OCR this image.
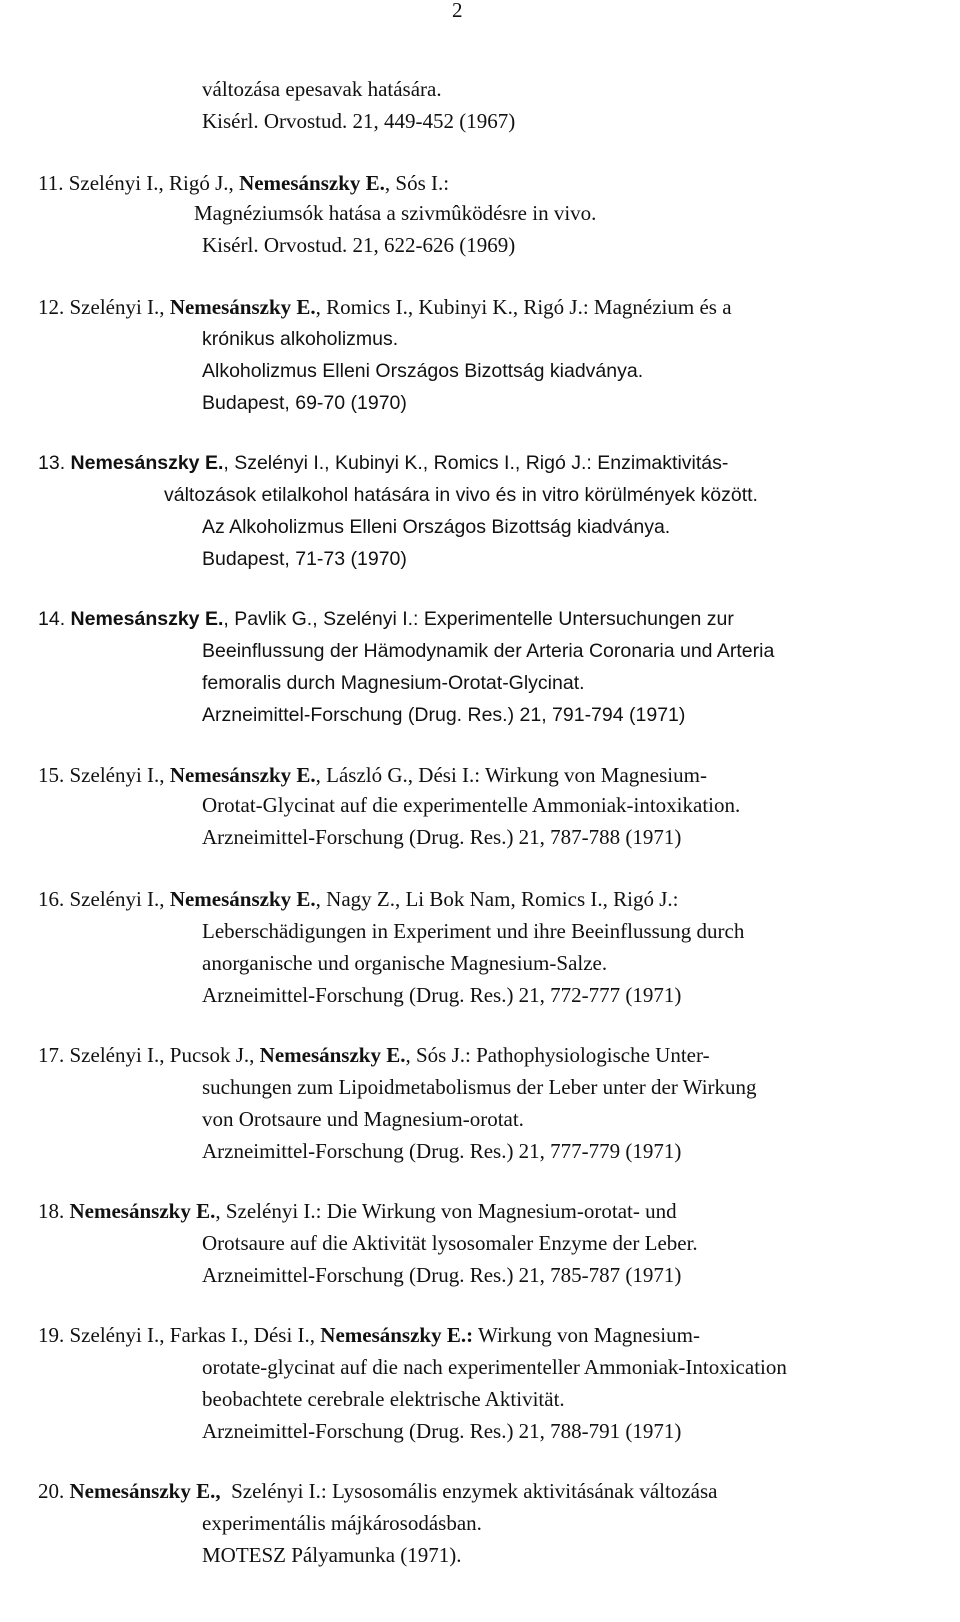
2
változása epesavak hatására.
Kisérl. Orvostud. 21, 449-452 (1967)
11. Szelényi I., Rigó J., Nemesánszky E., Sós I.:
Magnéziumsók hatása a szivmûködésre in vivo.
Kisérl. Orvostud. 21, 622-626 (1969)
12. Szelényi I., Nemesánszky E., Romics I., Kubinyi K., Rigó J.: Magnézium és a
krónikus alkoholizmus.
Alkoholizmus Elleni Országos Bizottság kiadványa.
Budapest, 69-70 (1970)
13. Nemesánszky E., Szelényi I., Kubinyi K., Romics I., Rigó J.: Enzimaktivitás-
változások etilalkohol hatására in vivo és in vitro körülmények között.
Az Alkoholizmus Elleni Országos Bizottság kiadványa.
Budapest, 71-73 (1970)
14. Nemesánszky E., Pavlik G., Szelényi I.: Experimentelle Untersuchungen zur
Beeinflussung der Hämodynamik der Arteria Coronaria und Arteria
femoralis durch Magnesium-Orotat-Glycinat.
Arzneimittel-Forschung (Drug. Res.) 21, 791-794 (1971)
15. Szelényi I., Nemesánszky E., László G., Dési I.: Wirkung von Magnesium-
Orotat-Glycinat auf die experimentelle Ammoniak-intoxikation.
Arzneimittel-Forschung (Drug. Res.) 21, 787-788 (1971)
16. Szelényi I., Nemesánszky E., Nagy Z., Li Bok Nam, Romics I., Rigó J.:
Leberschädigungen in Experiment und ihre Beeinflussung durch
anorganische und organische Magnesium-Salze.
Arzneimittel-Forschung (Drug. Res.) 21, 772-777 (1971)
17. Szelényi I., Pucsok J., Nemesánszky E., Sós J.: Pathophysiologische Unter-
suchungen zum Lipoidmetabolismus der Leber unter der Wirkung
von Orotsaure und Magnesium-orotat.
Arzneimittel-Forschung (Drug. Res.) 21, 777-779 (1971)
18. Nemesánszky E., Szelényi I.: Die Wirkung von Magnesium-orotat- und
Orotsaure auf die Aktivität lysosomaler Enzyme der Leber.
Arzneimittel-Forschung (Drug. Res.) 21, 785-787 (1971)
19. Szelényi I., Farkas I., Dési I., Nemesánszky E.: Wirkung von Magnesium-
orotate-glycinat auf die nach experimenteller Ammoniak-Intoxication
beobachtete cerebrale elektrische Aktivität.
Arzneimittel-Forschung (Drug. Res.) 21, 788-791 (1971)
20. Nemesánszky E.,  Szelényi I.: Lysosomális enzymek aktivitásának változása
experimentális májkárosodásban.
MOTESZ Pályamunka (1971).
